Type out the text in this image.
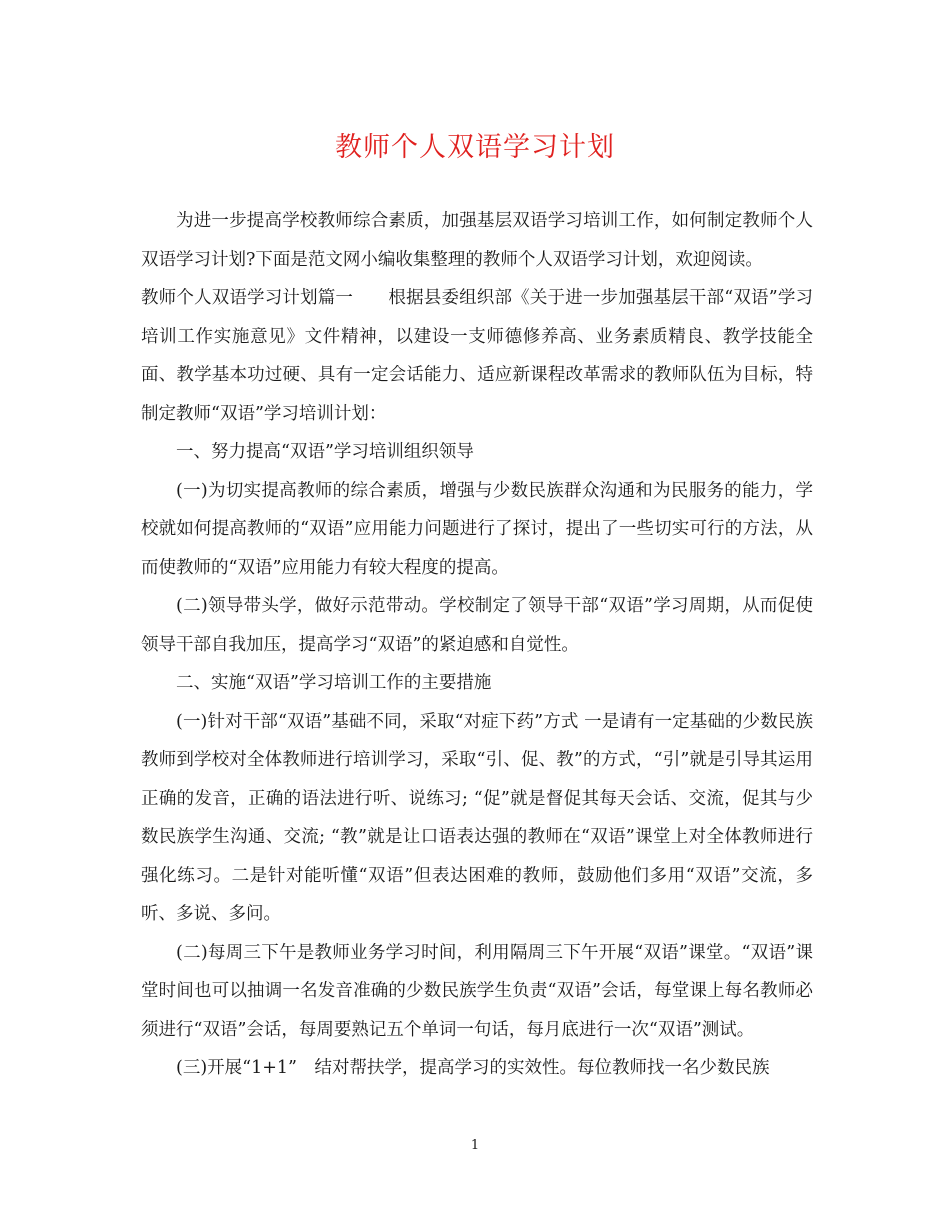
教师个人双语学习计划

为进一步提高学校教师综合素质，加强基层双语学习培训工作，如何制定教师个人双语学习计划?下面是范文网小编收集整理的教师个人双语学习计划，欢迎阅读。

教师个人双语学习计划篇一　　根据县委组织部《关于进一步加强基层干部“双语”学习培训工作实施意见》文件精神，以建设一支师德修养高、业务素质精良、教学技能全面、教学基本功过硬、具有一定会话能力、适应新课程改革需求的教师队伍为目标，特制定教师“双语”学习培训计划：

一、努力提高“双语”学习培训组织领导

(一)为切实提高教师的综合素质，增强与少数民族群众沟通和为民服务的能力，学校就如何提高教师的“双语”应用能力问题进行了探讨，提出了一些切实可行的方法，从而使教师的“双语”应用能力有较大程度的提高。

(二)领导带头学，做好示范带动。学校制定了领导干部“双语”学习周期，从而促使领导干部自我加压，提高学习“双语”的紧迫感和自觉性。

二、实施“双语”学习培训工作的主要措施

(一)针对干部“双语”基础不同，采取“对症下药”方式 一是请有一定基础的少数民族教师到学校对全体教师进行培训学习，采取“引、促、教”的方式，“引”就是引导其运用正确的发音，正确的语法进行听、说练习; “促”就是督促其每天会话、交流，促其与少数民族学生沟通、交流; “教”就是让口语表达强的教师在“双语”课堂上对全体教师进行强化练习。二是针对能听懂“双语”但表达困难的教师，鼓励他们多用“双语”交流，多听、多说、多问。

(二)每周三下午是教师业务学习时间，利用隔周三下午开展“双语”课堂。“双语”课堂时间也可以抽调一名发音准确的少数民族学生负责“双语”会话，每堂课上每名教师必须进行“双语”会话，每周要熟记五个单词一句话，每月底进行一次“双语”测试。

(三)开展“1+1”　结对帮扶学，提高学习的实效性。每位教师找一名少数民族

1
